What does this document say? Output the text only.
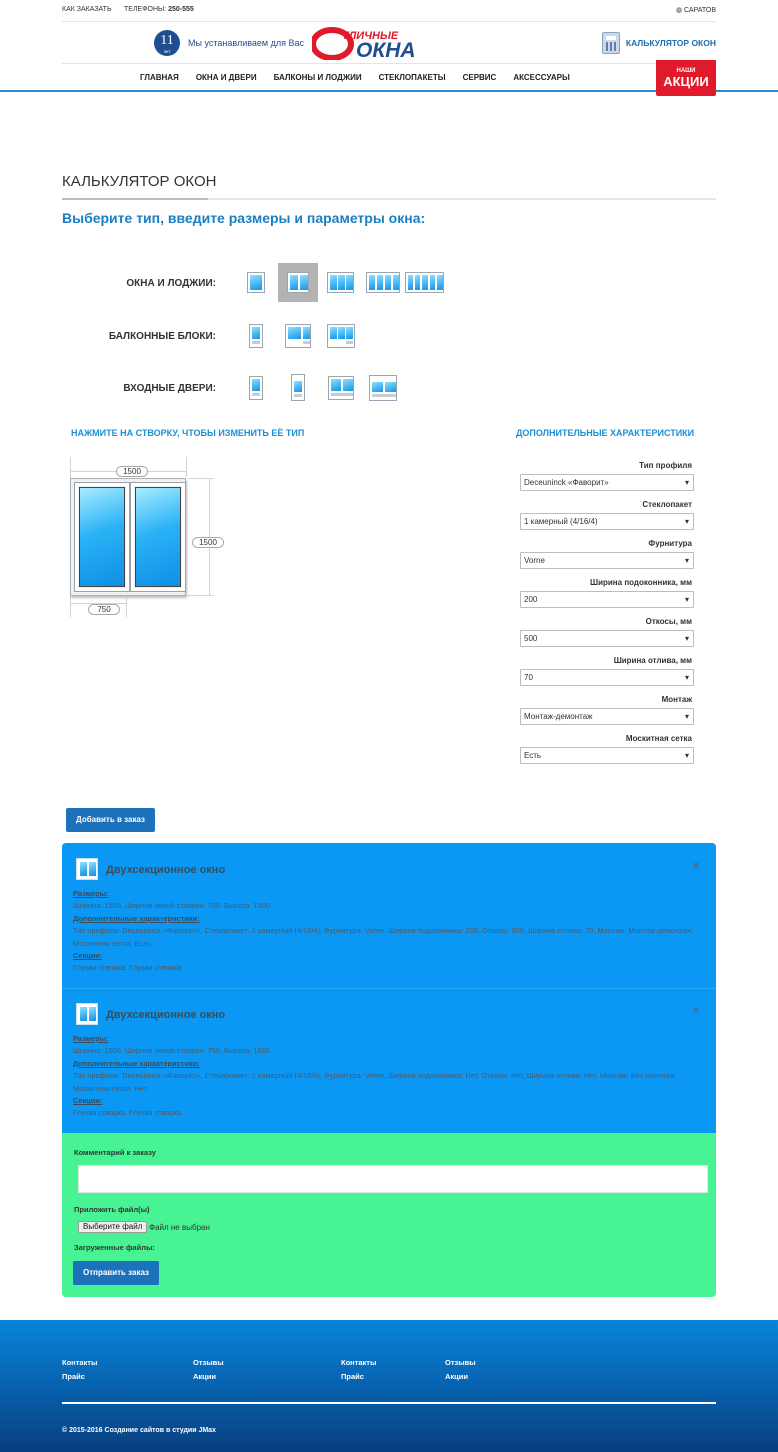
КАК ЗАКАЗАТЬ ТЕЛЕФОНЫ: 250-555	◍ САРАТОВ
11
лет
Мы устанавливаем для Вас
ТЛИЧНЫЕ
ОКНА	КАЛЬКУЛЯТОР ОКОН
ГЛАВНАЯ ОКНА И ДВЕРИ БАЛКОНЫ И ЛОДЖИИ СТЕКЛОПАКЕТЫ СЕРВИС АКСЕССУАРЫ
НАШИ
АКЦИИ
КАЛЬКУЛЯТОР ОКОН
Выберите тип, введите размеры и параметры окна:
ОКНА И ЛОДЖИИ:
БАЛКОННЫЕ БЛОКИ:
ВХОДНЫЕ ДВЕРИ:
НАЖМИТЕ НА СТВОРКУ, ЧТОБЫ ИЗМЕНИТЬ ЕЁ ТИП	ДОПОЛНИТЕЛЬНЫЕ ХАРАКТЕРИСТИКИ
1500
1500
750
Тип профиля
Deceuninck «Фаворит» ▾
Стеклопакет
1 камерный (4/16/4) ▾
Фурнитура
Vorne ▾
Ширина подоконника, мм
200 ▾
Откосы, мм
500 ▾
Ширина отлива, мм
70 ▾
Монтаж
Монтаж-демонтаж ▾
Москитная сетка
Есть ▾
Добавить в заказ
Двухсекционное окно	✕
Размеры:
Ширина: 1500, Ширина левой створки: 750, Высота: 1500
Дополнительные характеристики:
Тип профиля: Deceuninck «Фаворит», Стеклопакет: 1 камерный (4/16/4), Фурнитура: Vorne, Ширина подоконника: 200, Откосы: 500, Ширина отлива: 70, Монтаж: Монтаж-демонтаж, Москитная сетка: Есть.
Секции:
Глухая створка, Глухая створка
Двухсекционное окно	✕
Размеры:
Ширина: 1500, Ширина левой створки: 750, Высота: 1500
Дополнительные характеристики:
Тип профиля: Deceuninck «Фаворит», Стеклопакет: 1 камерный (4/16/4), Фурнитура: Vorne, Ширина подоконника: Нет, Откосы: Нет, Ширина отлива: Нет, Монтаж: Без монтажа, Москитная сетка: Нет.
Секции:
Глухая створка, Глухая створка
Комментарий к заказу
Приложить файл(ы)
Выберите файл Файл не выбран
Загруженные файлы:
Отправить заказ
Контакты	Отзывы	Контакты	Отзывы
Прайс	Акции	Прайс	Акции
© 2015-2016 Создание сайтов в студии JMax
